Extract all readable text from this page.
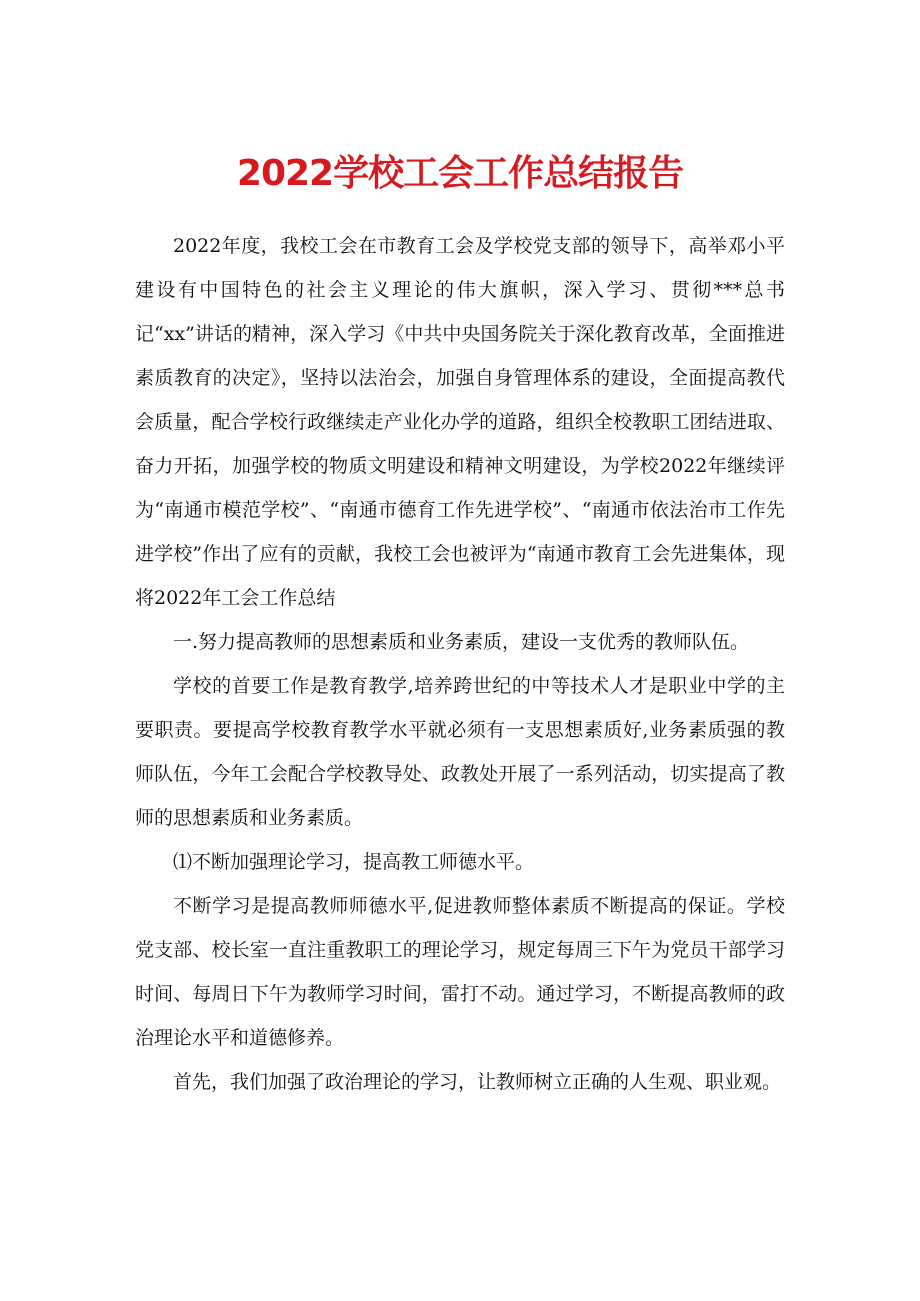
2022学校工会工作总结报告

2022年度，我校工会在市教育工会及学校党支部的领导下，高举邓小平建设有中国特色的社会主义理论的伟大旗帜，深入学习、贯彻***总书记“xx”讲话的精神，深入学习《中共中央国务院关于深化教育改革，全面推进素质教育的决定》，坚持以法治会，加强自身管理体系的建设，全面提高教代会质量，配合学校行政继续走产业化办学的道路，组织全校教职工团结进取、奋力开拓，加强学校的物质文明建设和精神文明建设，为学校2022年继续评为“南通市模范学校”、“南通市德育工作先进学校”、“南通市依法治市工作先进学校”作出了应有的贡献，我校工会也被评为“南通市教育工会先进集体，现将2022年工会工作总结

一.努力提高教师的思想素质和业务素质，建设一支优秀的教师队伍。

学校的首要工作是教育教学,培养跨世纪的中等技术人才是职业中学的主要职责。要提高学校教育教学水平就必须有一支思想素质好,业务素质强的教师队伍，今年工会配合学校教导处、政教处开展了一系列活动，切实提高了教师的思想素质和业务素质。

⑴不断加强理论学习，提高教工师德水平。

不断学习是提高教师师德水平,促进教师整体素质不断提高的保证。学校党支部、校长室一直注重教职工的理论学习，规定每周三下午为党员干部学习时间、每周日下午为教师学习时间，雷打不动。通过学习，不断提高教师的政治理论水平和道德修养。

首先，我们加强了政治理论的学习，让教师树立正确的人生观、职业观。
